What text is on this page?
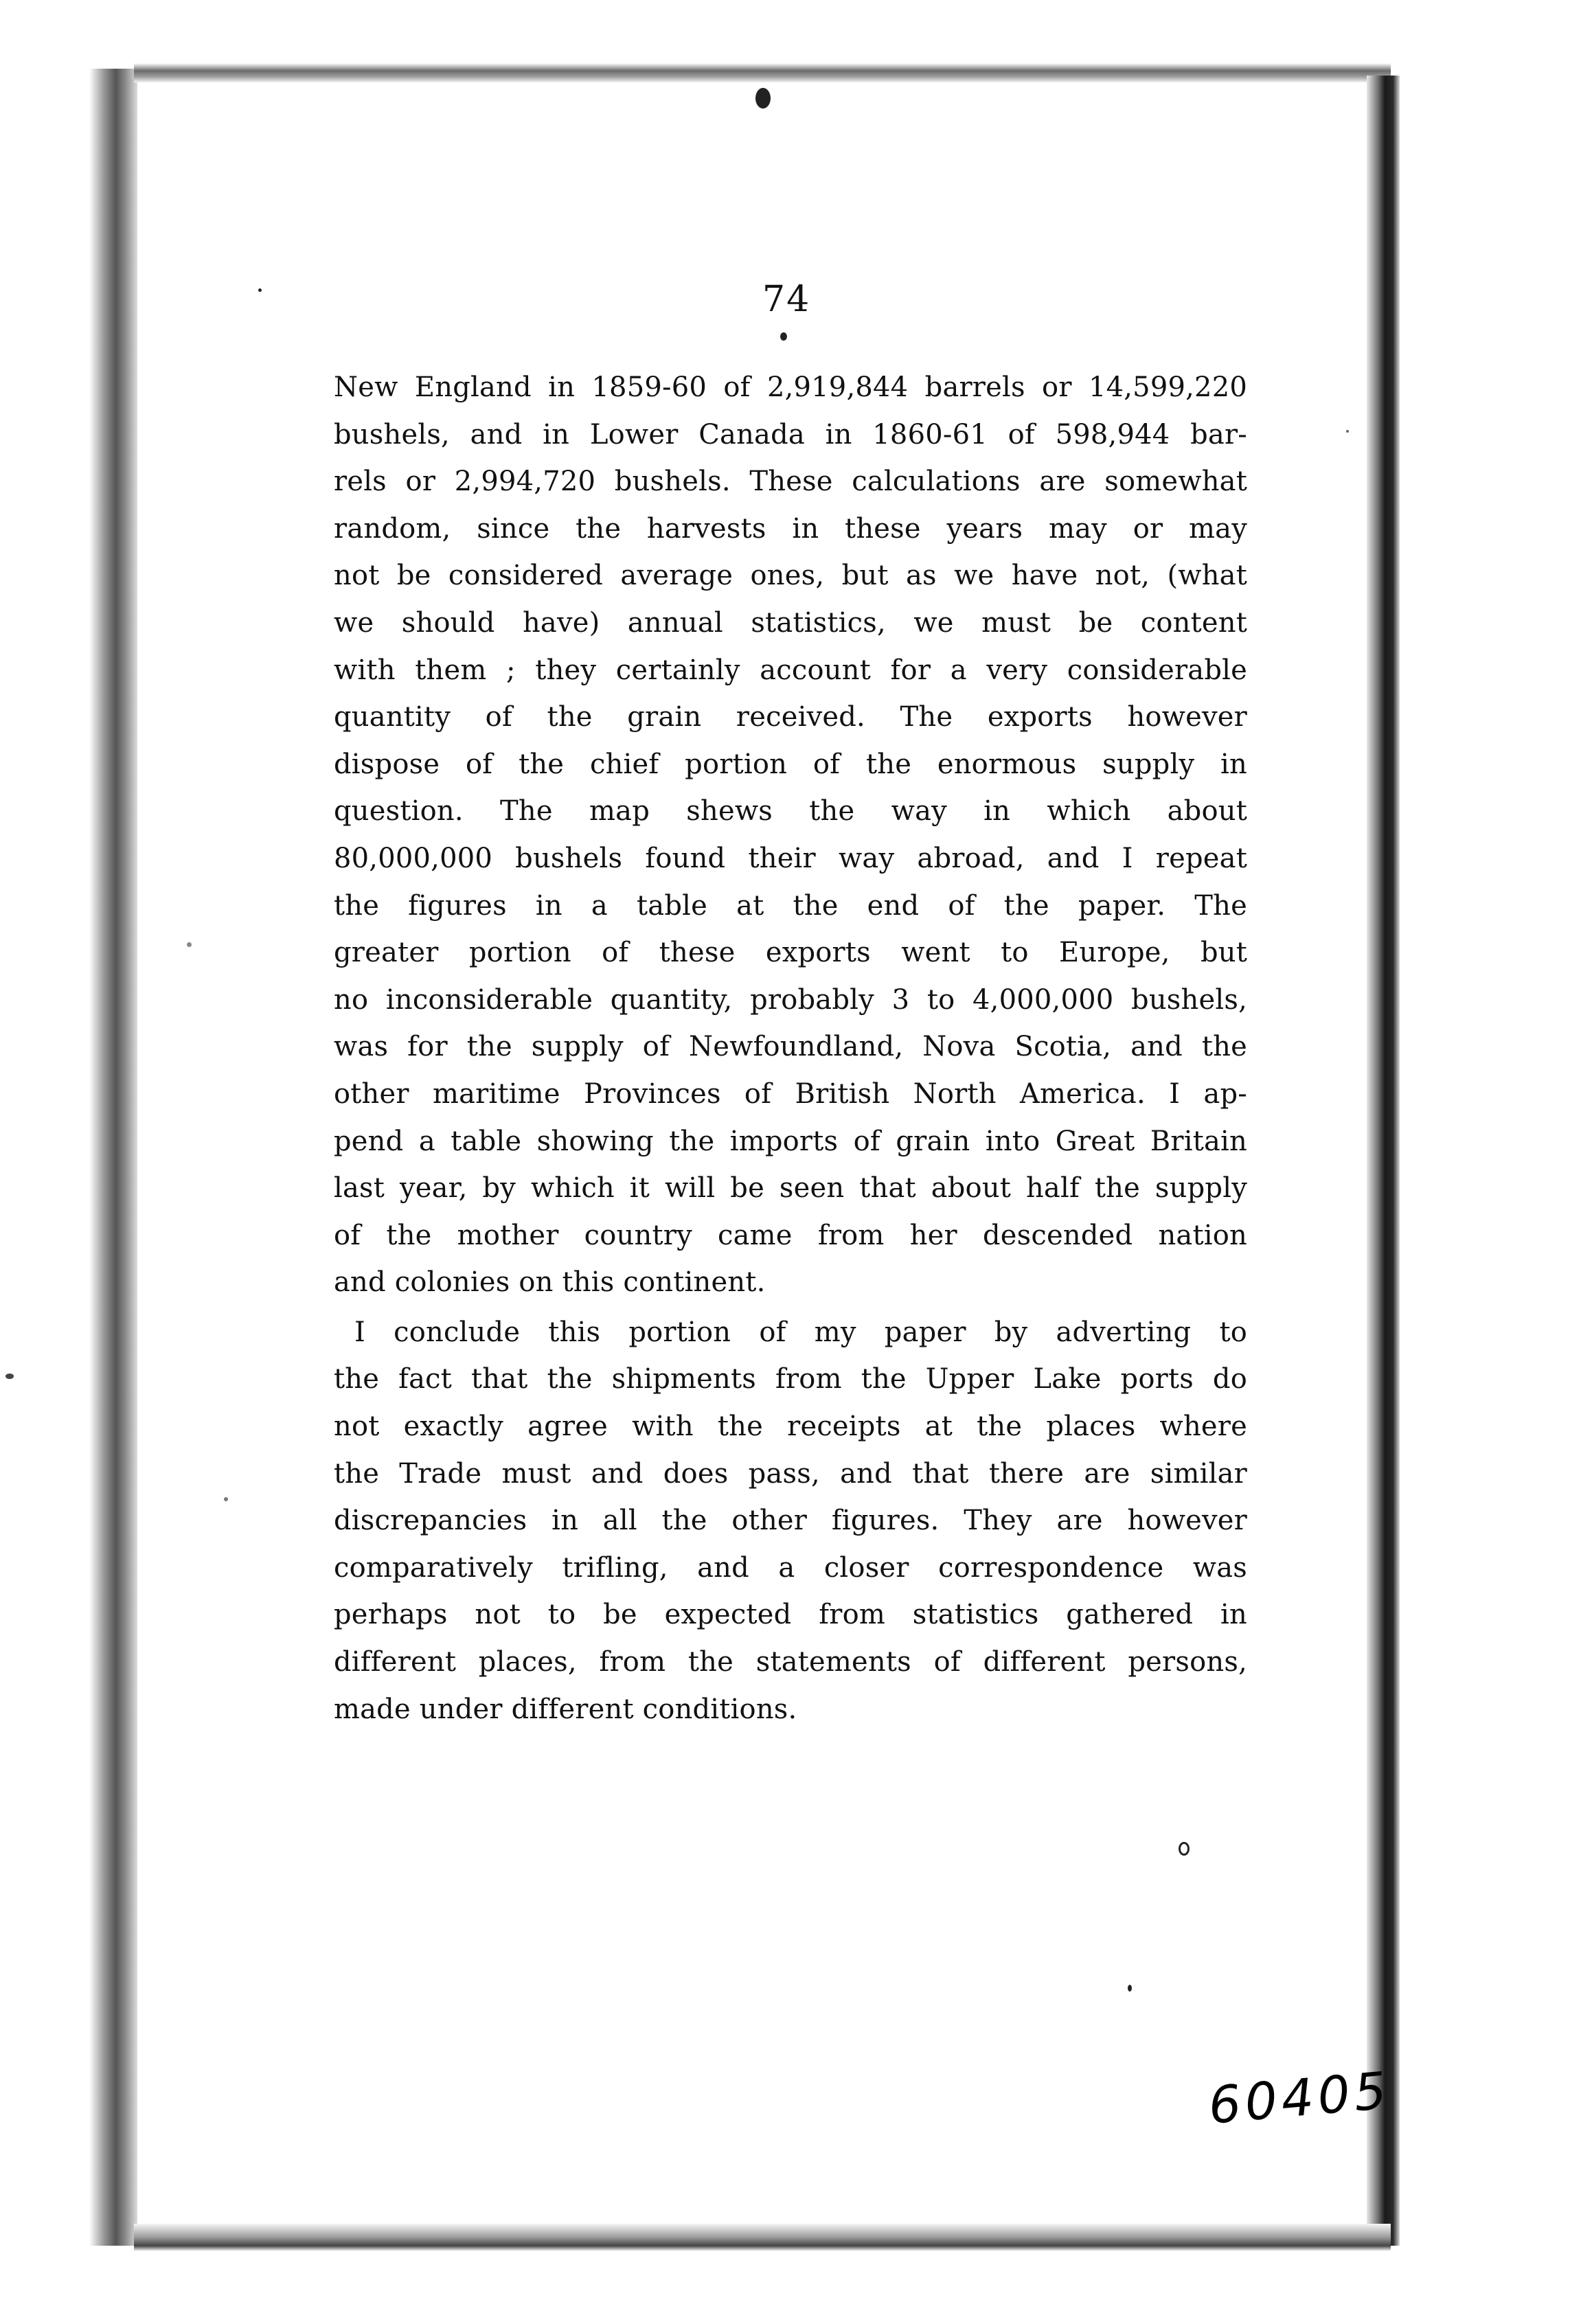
74
New England in 1859-60 of 2,919,844 barrels or 14,599,220
bushels, and in Lower Canada in 1860-61 of 598,944 bar-
rels or 2,994,720 bushels. These calculations are somewhat
random, since the harvests in these years may or may
not be considered average ones, but as we have not, (what
we should have) annual statistics, we must be content
with them ; they certainly account for a very considerable
quantity of the grain received. The exports however
dispose of the chief portion of the enormous supply in
question. The map shews the way in which about
80,000,000 bushels found their way abroad, and I repeat
the figures in a table at the end of the paper. The
greater portion of these exports went to Europe, but
no inconsiderable quantity, probably 3 to 4,000,000 bushels,
was for the supply of Newfoundland, Nova Scotia, and the
other maritime Provinces of British North America. I ap-
pend a table showing the imports of grain into Great Britain
last year, by which it will be seen that about half the supply
of the mother country came from her descended nation
and colonies on this continent.
I conclude this portion of my paper by adverting to
the fact that the shipments from the Upper Lake ports do
not exactly agree with the receipts at the places where
the Trade must and does pass, and that there are similar
discrepancies in all the other figures. They are however
comparatively trifling, and a closer correspondence was
perhaps not to be expected from statistics gathered in
different places, from the statements of different persons,
made under different conditions.
60405
